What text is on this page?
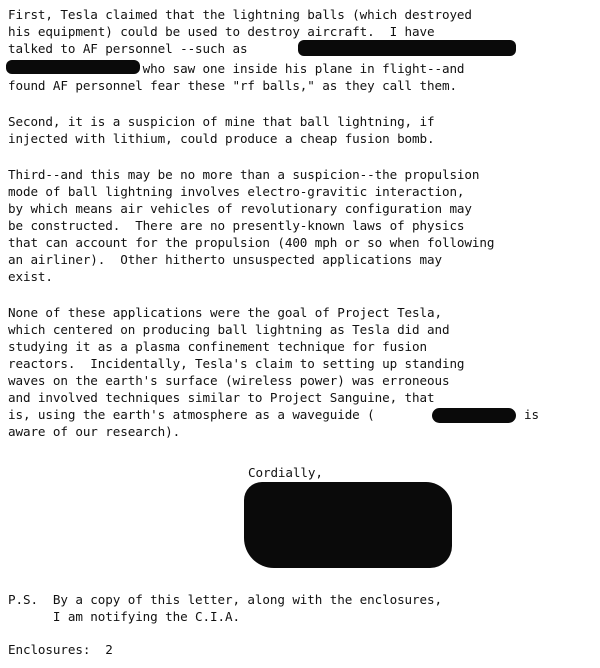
First, Tesla claimed that the lightning balls (which destroyed
his equipment) could be used to destroy aircraft.  I have
talked to AF personnel --such as
who saw one inside his plane in flight--and
found AF personnel fear these "rf balls," as they call them.
Second, it is a suspicion of mine that ball lightning, if
injected with lithium, could produce a cheap fusion bomb.
Third--and this may be no more than a suspicion--the propulsion
mode of ball lightning involves electro-gravitic interaction,
by which means air vehicles of revolutionary configuration may
be constructed.  There are no presently-known laws of physics
that can account for the propulsion (400 mph or so when following
an airliner).  Other hitherto unsuspected applications may
exist.
None of these applications were the goal of Project Tesla,
which centered on producing ball lightning as Tesla did and
studying it as a plasma confinement technique for fusion
reactors.  Incidentally, Tesla's claim to setting up standing
waves on the earth's surface (wireless power) was erroneous
and involved techniques similar to Project Sanguine, that
is, using the earth's atmosphere as a waveguide (	is
aware of our research).
Cordially,
P.S.  By a copy of this letter, along with the enclosures,
I am notifying the C.I.A.
Enclosures:  2
